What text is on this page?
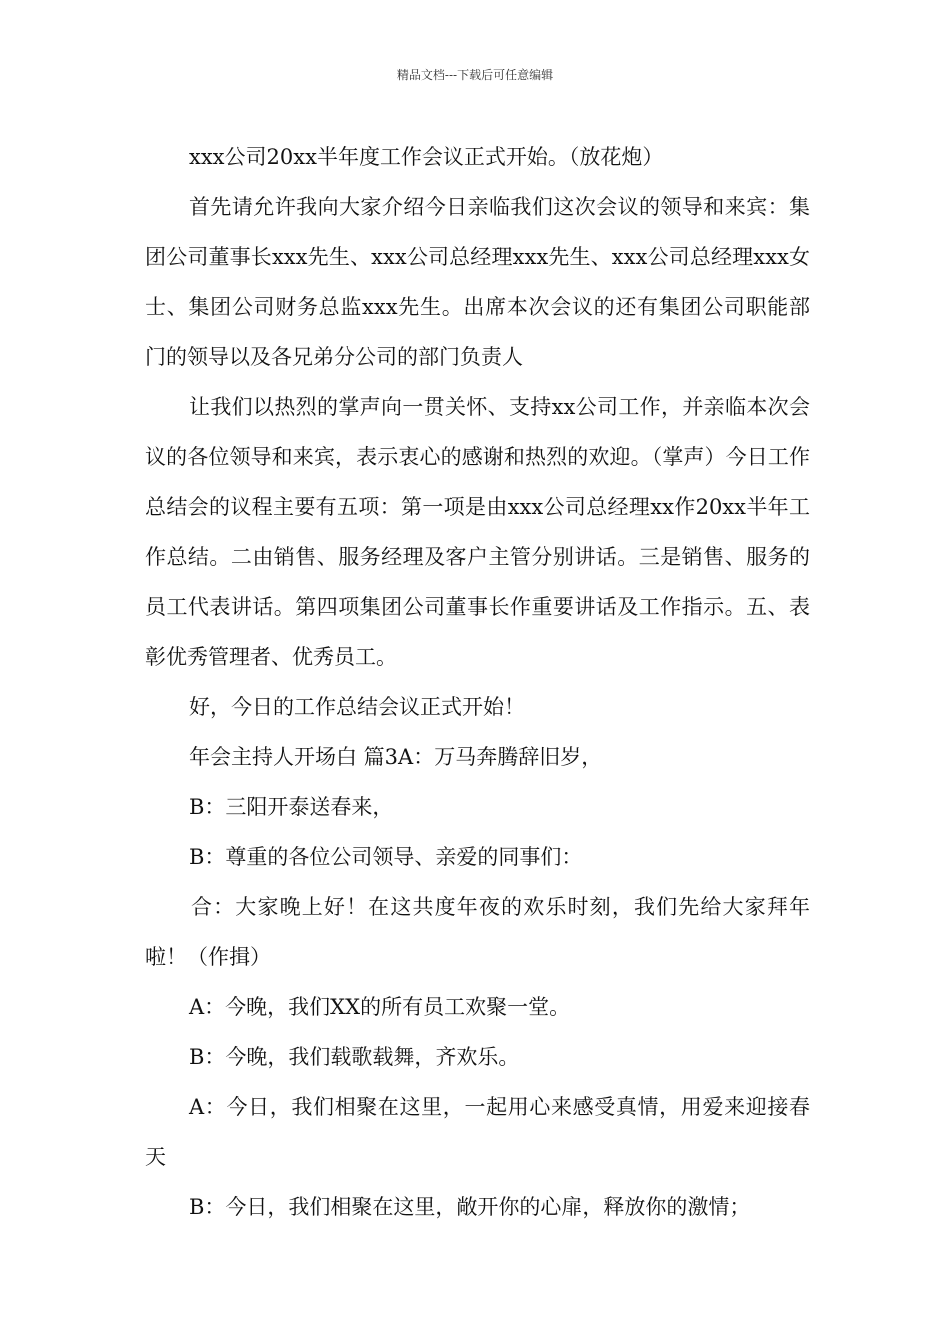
精品文档---下载后可任意编辑

xxx公司20xx半年度工作会议正式开始。（放花炮）

首先请允许我向大家介绍今日亲临我们这次会议的领导和来宾：集团公司董事长xxx先生、xxx公司总经理xxx先生、xxx公司总经理xxx女士、集团公司财务总监xxx先生。出席本次会议的还有集团公司职能部门的领导以及各兄弟分公司的部门负责人

让我们以热烈的掌声向一贯关怀、支持xx公司工作，并亲临本次会议的各位领导和来宾，表示衷心的感谢和热烈的欢迎。（掌声）今日工作总结会的议程主要有五项：第一项是由xxx公司总经理xx作20xx半年工作总结。二由销售、服务经理及客户主管分别讲话。三是销售、服务的员工代表讲话。第四项集团公司董事长作重要讲话及工作指示。五、表彰优秀管理者、优秀员工。

好，今日的工作总结会议正式开始！

年会主持人开场白 篇3A：万马奔腾辞旧岁，

B：三阳开泰送春来，

B：尊重的各位公司领导、亲爱的同事们：

合：大家晚上好！在这共度年夜的欢乐时刻，我们先给大家拜年啦！（作揖）

A：今晚，我们XX的所有员工欢聚一堂。

B：今晚，我们载歌载舞，齐欢乐。

A：今日，我们相聚在这里，一起用心来感受真情，用爱来迎接春天

B：今日，我们相聚在这里，敞开你的心扉，释放你的激情；
